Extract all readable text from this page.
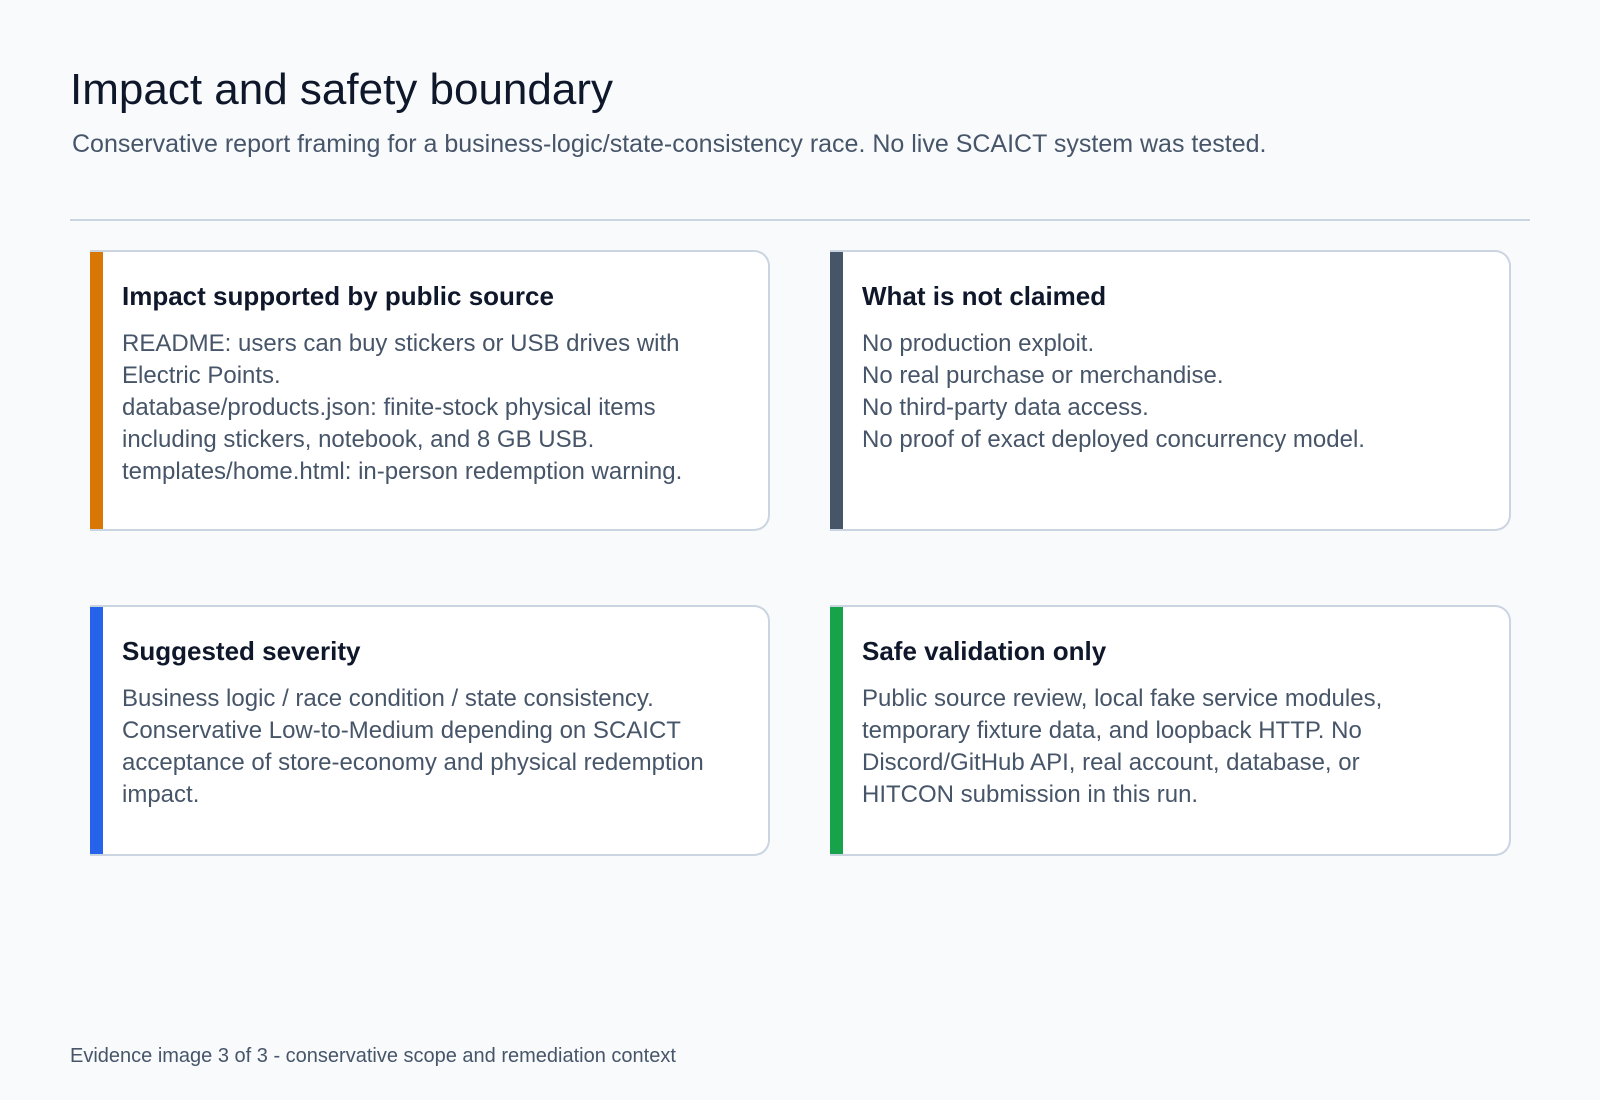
Impact and safety boundary

Conservative report framing for a business-logic/state-consistency race. No live SCAICT system was tested.

Impact supported by public source
README: users can buy stickers or USB drives with
Electric Points.
database/products.json: finite-stock physical items
including stickers, notebook, and 8 GB USB.
templates/home.html: in-person redemption warning.
What is not claimed
No production exploit.
No real purchase or merchandise.
No third-party data access.
No proof of exact deployed concurrency model.
Suggested severity
Business logic / race condition / state consistency.
Conservative Low-to-Medium depending on SCAICT
acceptance of store-economy and physical redemption
impact.
Safe validation only
Public source review, local fake service modules,
temporary fixture data, and loopback HTTP. No
Discord/GitHub API, real account, database, or
HITCON submission in this run.

Evidence image 3 of 3 - conservative scope and remediation context
